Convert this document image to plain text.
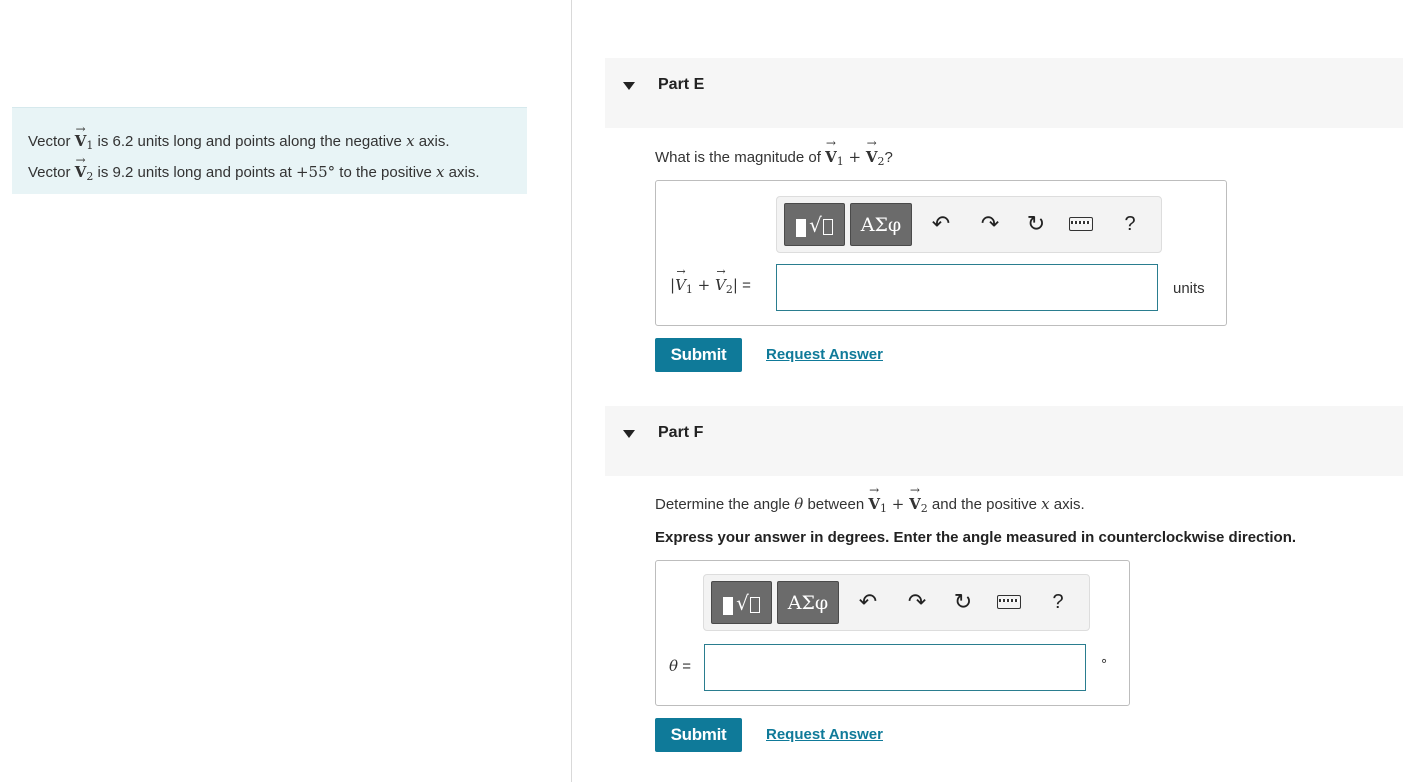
Vector → $V_1$ is 6.2 units long and points along the negative x axis.
Vector → $V_2$ is 9.2 units long and points at +55° to the positive x axis.
Part E
What is the magnitude of → $V_1$ + → $V_2$?
√	ΑΣφ	↶ ↷ ↻	?
|→ $V_1$ + → $V_2|$ =	units
Submit	Request Answer
Part F
Determine the angle θ between → $V_1$ + → $V_2$ and the positive x axis.
Express your answer in degrees. Enter the angle measured in counterclockwise direction.
√	ΑΣφ	↶ ↷ ↻	?
θ =	∘
Submit	Request Answer
